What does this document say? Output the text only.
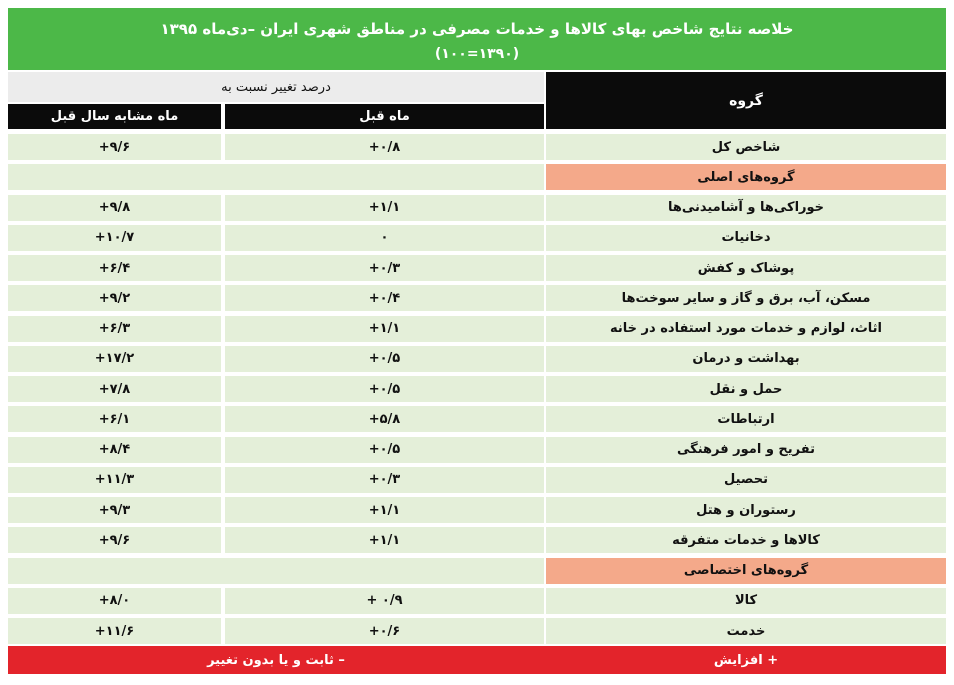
خلاصه نتایج شاخص بهای کالاها و خدمات مصرفی در مناطق شهری ایران –دی‌ماه ۱۳۹۵
(۱۳۹۰=۱۰۰)
گروه
درصد تغییر نسبت به
ماه قبل
ماه مشابه سال قبل
شاخص کل
+۰/۸
+۹/۶
گروه‌های اصلی
خوراکی‌ها و آشامیدنی‌ها
+۱/۱
+۹/۸
دخانیات
۰
+۱۰/۷
پوشاک و کفش
+۰/۳
+۶/۴
مسکن، آب، برق و گاز و سایر سوخت‌ها
+۰/۴
+۹/۲
اثاث، لوازم و خدمات مورد استفاده در خانه
+۱/۱
+۶/۳
بهداشت و درمان
+۰/۵
+۱۷/۲
حمل و نقل
+۰/۵
+۷/۸
ارتباطات
+۵/۸
+۶/۱
تفریح و امور فرهنگی
+۰/۵
+۸/۴
تحصیل
+۰/۳
+۱۱/۳
رستوران و هتل
+۱/۱
+۹/۳
کالاها و خدمات متفرقه
+۱/۱
+۹/۶
گروه‌های اختصاصی
کالا
+ ۰/۹
+۸/۰
خدمت
+۰/۶
+۱۱/۶
+ افزایش
– ثابت و یا بدون تغییر
